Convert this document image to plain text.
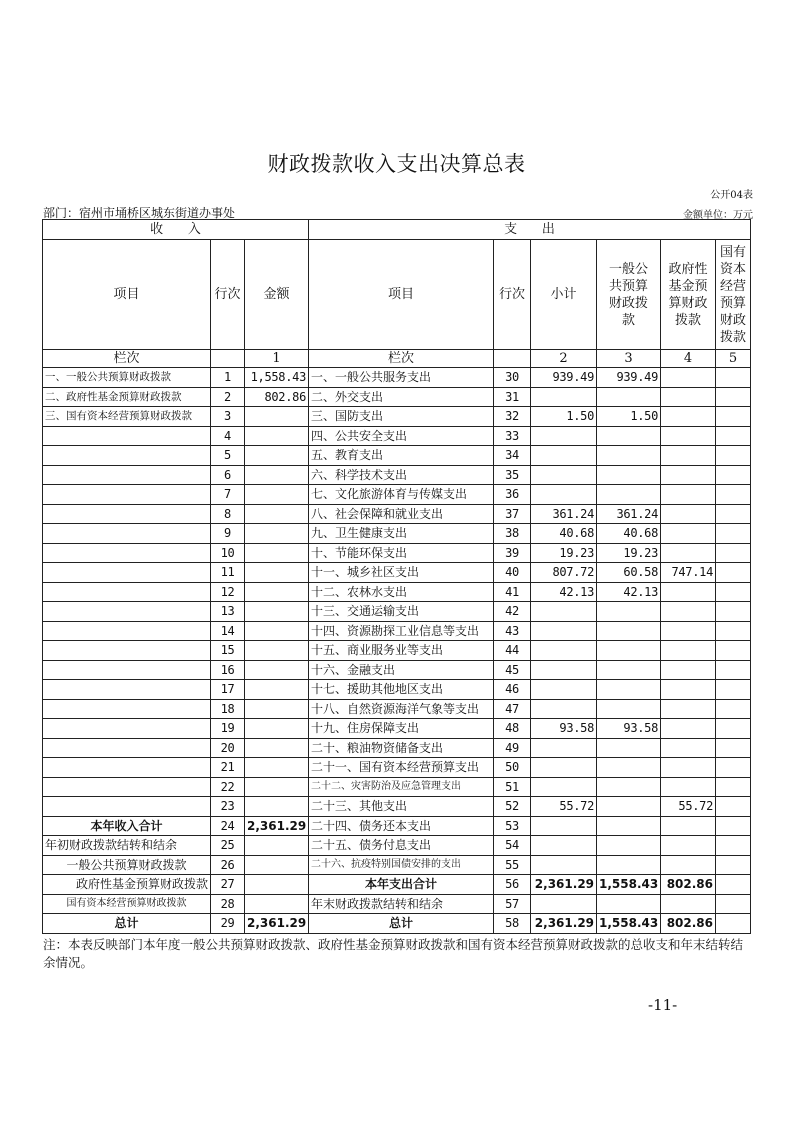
财政拨款收入支出决算总表
公开04表
部门：宿州市埇桥区城东街道办事处	金额单位：万元
收      入			支      出					
项目	行次	金额	项目	行次	小计	一般公共预算财政拨款	政府性基金预算财政拨款	国有资本经营预算财政拨款
栏次		1	栏次		2	3	4	5
一、一般公共预算财政拨款	1	1,558.43	一、一般公共服务支出	30	939.49	939.49		
二、政府性基金预算财政拨款	2	802.86	二、外交支出	31				
三、国有资本经营预算财政拨款	3		三、国防支出	32	1.50	1.50		
	4		四、公共安全支出	33				
	5		五、教育支出	34				
	6		六、科学技术支出	35				
	7		七、文化旅游体育与传媒支出	36				
	8		八、社会保障和就业支出	37	361.24	361.24		
	9		九、卫生健康支出	38	40.68	40.68		
	10		十、节能环保支出	39	19.23	19.23		
	11		十一、城乡社区支出	40	807.72	60.58	747.14	
	12		十二、农林水支出	41	42.13	42.13		
	13		十三、交通运输支出	42				
	14		十四、资源勘探工业信息等支出	43				
	15		十五、商业服务业等支出	44				
	16		十六、金融支出	45				
	17		十七、援助其他地区支出	46				
	18		十八、自然资源海洋气象等支出	47				
	19		十九、住房保障支出	48	93.58	93.58		
	20		二十、粮油物资储备支出	49				
	21		二十一、国有资本经营预算支出	50				
	22		二十二、灾害防治及应急管理支出	51				
	23		二十三、其他支出	52	55.72		55.72	
本年收入合计	24	2,361.29	二十四、债务还本支出	53				
年初财政拨款结转和结余	25		二十五、债务付息支出	54				
一般公共预算财政拨款	26		二十六、抗疫特别国债安排的支出	55				
政府性基金预算财政拨款	27		本年支出合计	56	2,361.29	1,558.43	802.86	
国有资本经营预算财政拨款	28		年末财政拨款结转和结余	57				
总计	29	2,361.29	总计	58	2,361.29	1,558.43	802.86	
注：本表反映部门本年度一般公共预算财政拨款、政府性基金预算财政拨款和国有资本经营预算财政拨款的总收支和年末结转结余情况。
-11-
